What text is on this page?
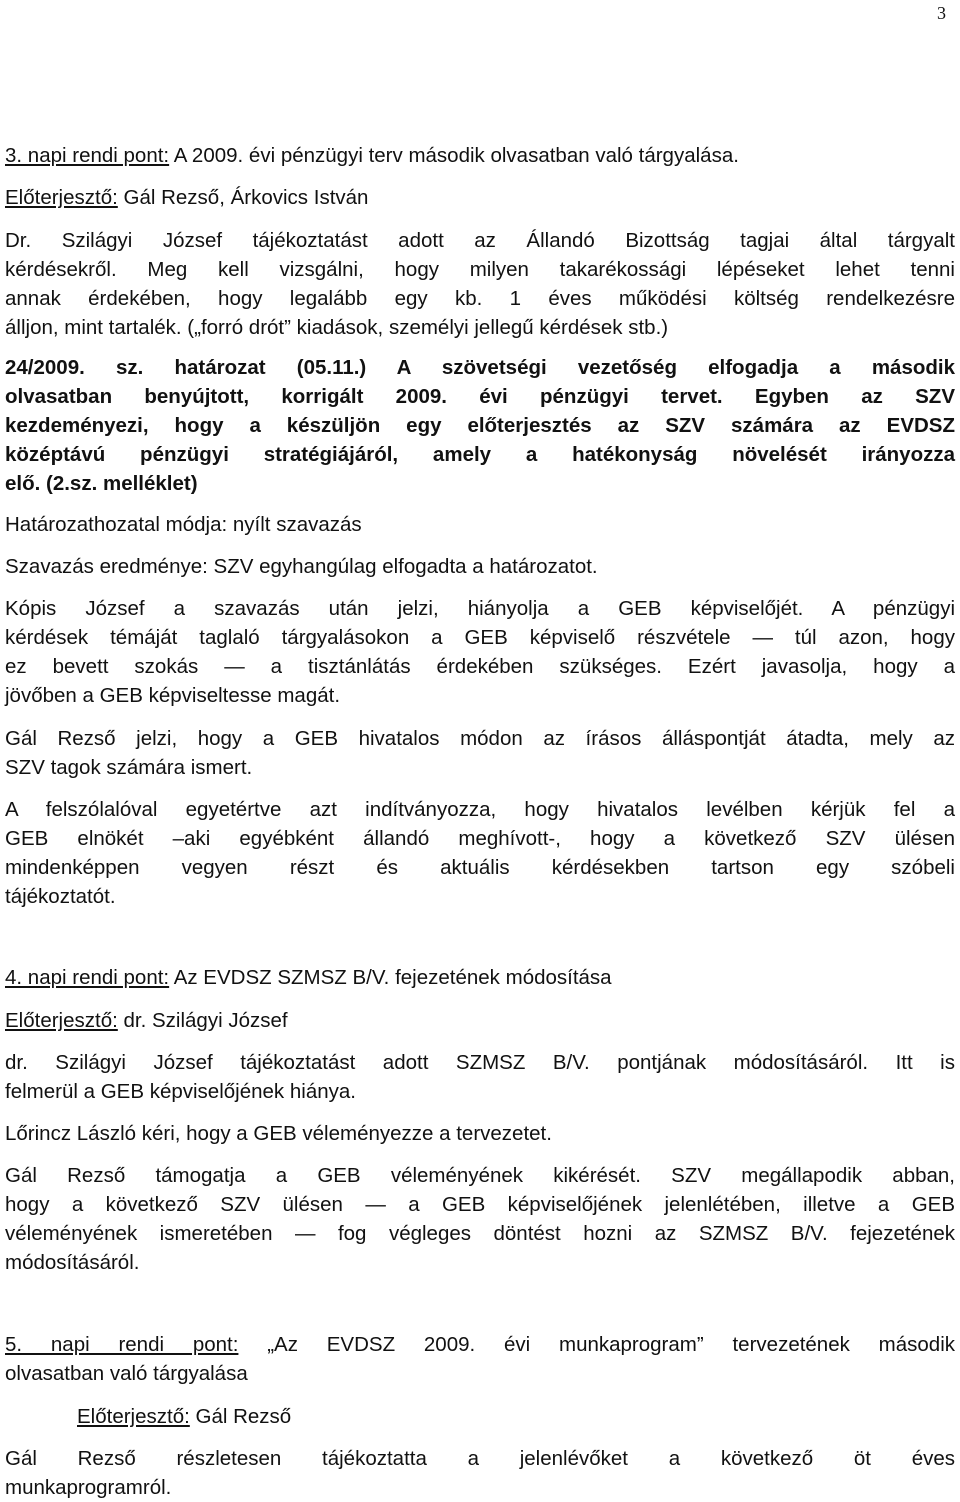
3

3. napi rendi pont: A 2009. évi pénzügyi terv második olvasatban való tárgyalása.

Előterjesztő: Gál Rezső, Árkovics István

Dr. Szilágyi József tájékoztatást adott az Állandó Bizottság tagjai által tárgyalt

kérdésekről. Meg kell vizsgálni, hogy milyen takarékossági lépéseket lehet tenni

annak érdekében, hogy legalább egy kb. 1 éves működési költség rendelkezésre

álljon, mint tartalék. („forró drót” kiadások, személyi jellegű kérdések stb.)

24/2009. sz. határozat (05.11.) A szövetségi vezetőség elfogadja a második

olvasatban benyújtott, korrigált 2009. évi pénzügyi tervet. Egyben az SZV

kezdeményezi, hogy a készüljön egy előterjesztés az SZV számára az EVDSZ

középtávú pénzügyi stratégiájáról, amely a hatékonyság növelését irányozza

elő. (2.sz. melléklet)

Határozathozatal módja: nyílt szavazás

Szavazás eredménye: SZV egyhangúlag elfogadta a határozatot.

Kópis József a szavazás után jelzi, hiányolja a GEB képviselőjét. A pénzügyi

kérdések témáját taglaló tárgyalásokon a GEB képviselő részvétele — túl azon, hogy

ez bevett szokás — a tisztánlátás érdekében szükséges. Ezért javasolja, hogy a

jövőben a GEB képviseltesse magát.

Gál Rezső jelzi, hogy a GEB hivatalos módon az írásos álláspontját átadta, mely az

SZV tagok számára ismert.

A felszólalóval egyetértve azt indítványozza, hogy hivatalos levélben kérjük fel a

GEB elnökét –aki egyébként állandó meghívott-, hogy a következő SZV ülésen

mindenképpen vegyen részt és aktuális kérdésekben tartson egy szóbeli

tájékoztatót.

4. napi rendi pont: Az EVDSZ SZMSZ B/V. fejezetének módosítása

Előterjesztő: dr. Szilágyi József

dr. Szilágyi József tájékoztatást adott SZMSZ B/V. pontjának módosításáról. Itt is

felmerül a GEB képviselőjének hiánya.

Lőrincz László kéri, hogy a GEB véleményezze a tervezetet.

Gál Rezső támogatja a GEB véleményének kikérését. SZV megállapodik abban,

hogy a következő SZV ülésen — a GEB képviselőjének jelenlétében, illetve a GEB

véleményének ismeretében — fog végleges döntést hozni az SZMSZ B/V. fejezetének

módosításáról.

5. napi rendi pont: „Az EVDSZ 2009. évi munkaprogram” tervezetének második

olvasatban való tárgyalása

Előterjesztő: Gál Rezső

Gál Rezső részletesen tájékoztatta a jelenlévőket a következő öt éves

munkaprogramról.
